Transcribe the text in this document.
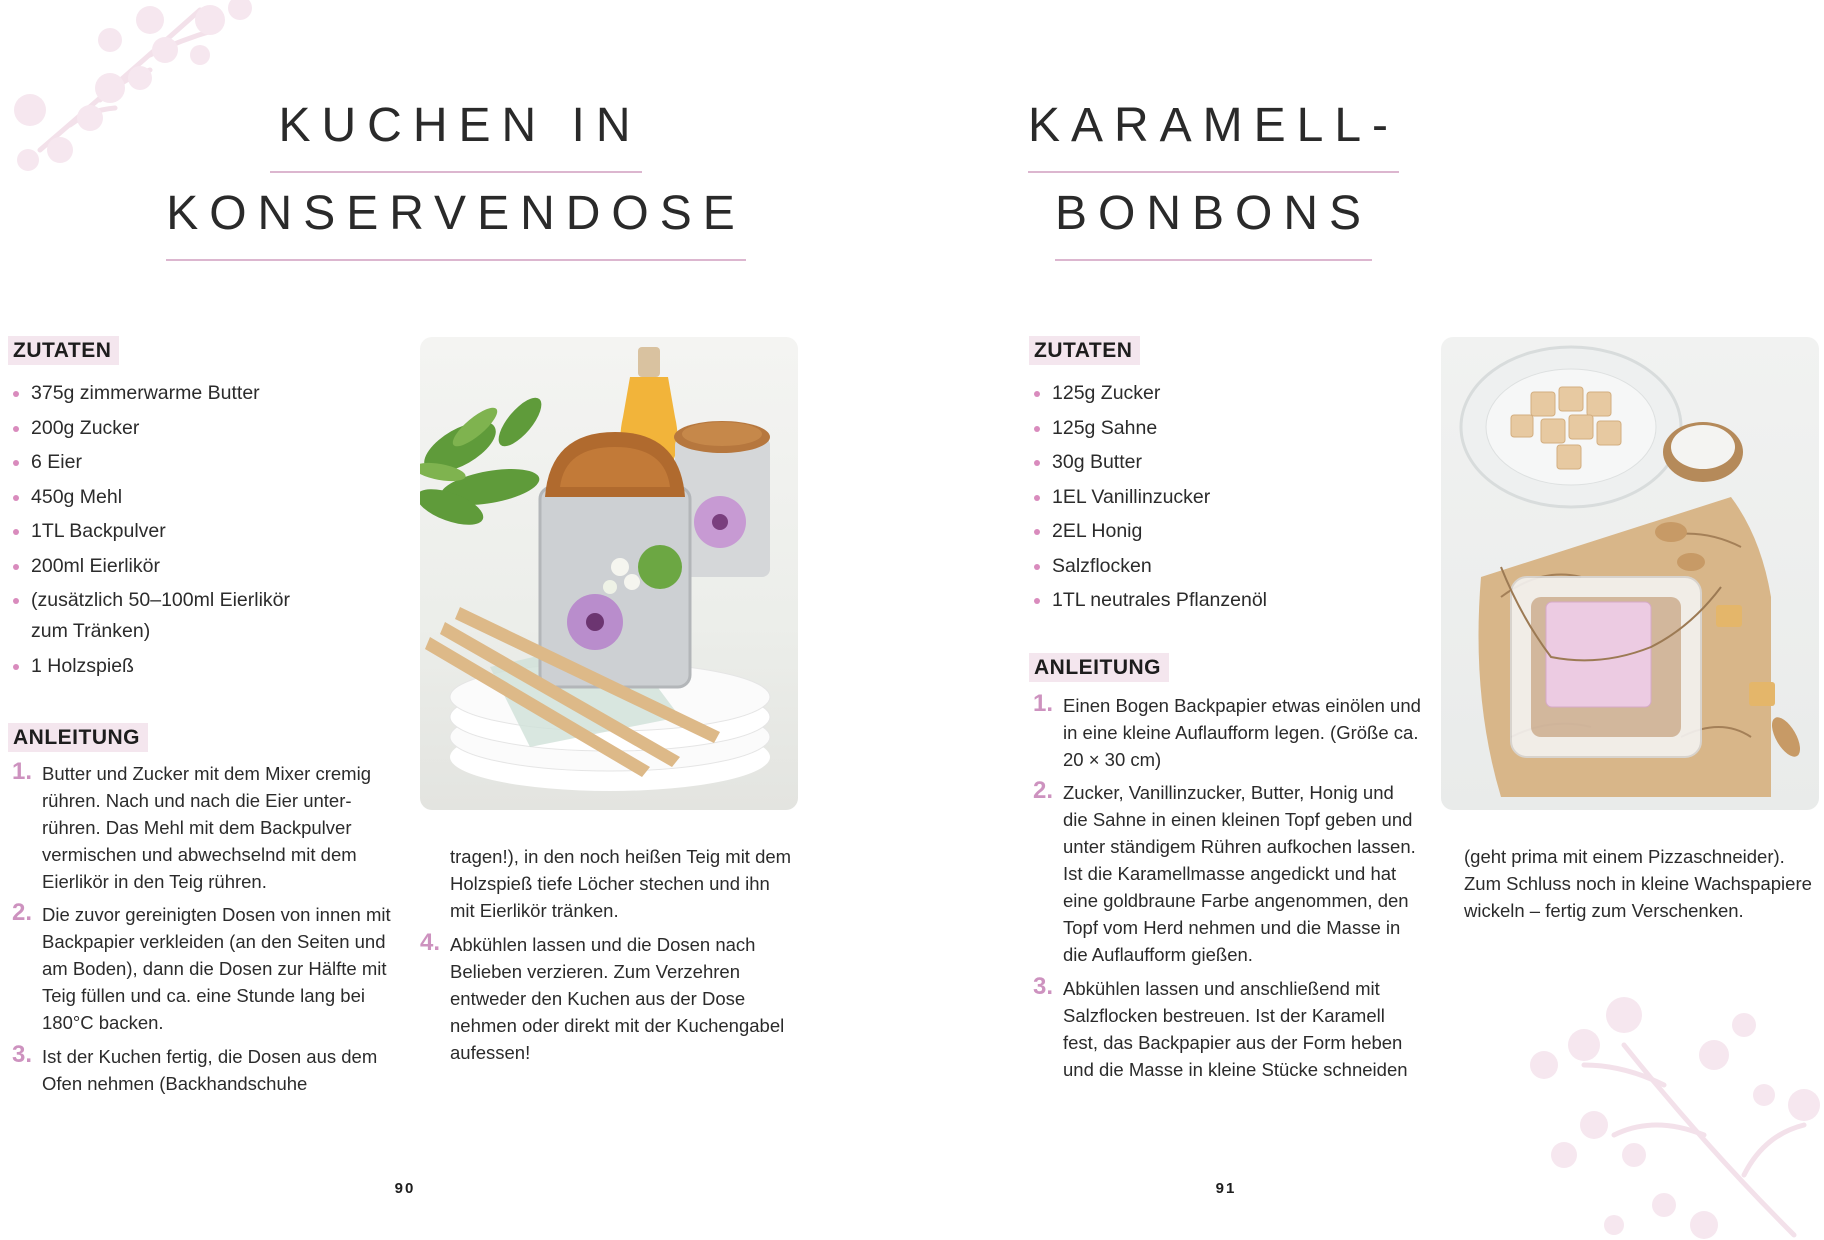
KUCHEN IN
KONSERVENDOSE
ZUTATEN
375g zimmerwarme Butter
200g Zucker
6 Eier
450g Mehl
1TL Backpulver
200ml Eierlikör
(zusätzlich 50–100ml Eierlikör zum Tränken)
1 Holzspieß
ANLEITUNG
1. Butter und Zucker mit dem Mixer cremig rühren. Nach und nach die Eier unterrühren. Das Mehl mit dem Backpulver vermischen und abwechselnd mit dem Eierlikör in den Teig rühren.
2. Die zuvor gereinigten Dosen von innen mit Backpapier verkleiden (an den Seiten und am Boden), dann die Dosen zur Hälfte mit Teig füllen und ca. eine Stunde lang bei 180°C backen.
3. Ist der Kuchen fertig, die Dosen aus dem Ofen nehmen (Backhandschuhe
tragen!), in den noch heißen Teig mit dem Holzspieß tiefe Löcher stechen und ihn mit Eierlikör tränken.
4. Abkühlen lassen und die Dosen nach Belieben verzieren. Zum Verzehren entweder den Kuchen aus der Dose nehmen oder direkt mit der Kuchengabel aufessen!
90
KARAMELL-
BONBONS
ZUTATEN
125g Zucker
125g Sahne
30g Butter
1EL Vanillinzucker
2EL Honig
Salzflocken
1TL neutrales Pflanzenöl
ANLEITUNG
1. Einen Bogen Backpapier etwas einölen und in eine kleine Auflaufform legen. (Größe ca. 20 × 30 cm)
2. Zucker, Vanillinzucker, Butter, Honig und die Sahne in einen kleinen Topf geben und unter ständigem Rühren aufkochen lassen. Ist die Karamellmasse angedickt und hat eine goldbraune Farbe angenommen, den Topf vom Herd nehmen und die Masse in die Auflaufform gießen.
3. Abkühlen lassen und anschließend mit Salzflocken bestreuen. Ist der Karamell fest, das Backpapier aus der Form heben und die Masse in kleine Stücke schneiden
(geht prima mit einem Pizzaschneider). Zum Schluss noch in kleine Wachspapiere wickeln – fertig zum Verschenken.
91
